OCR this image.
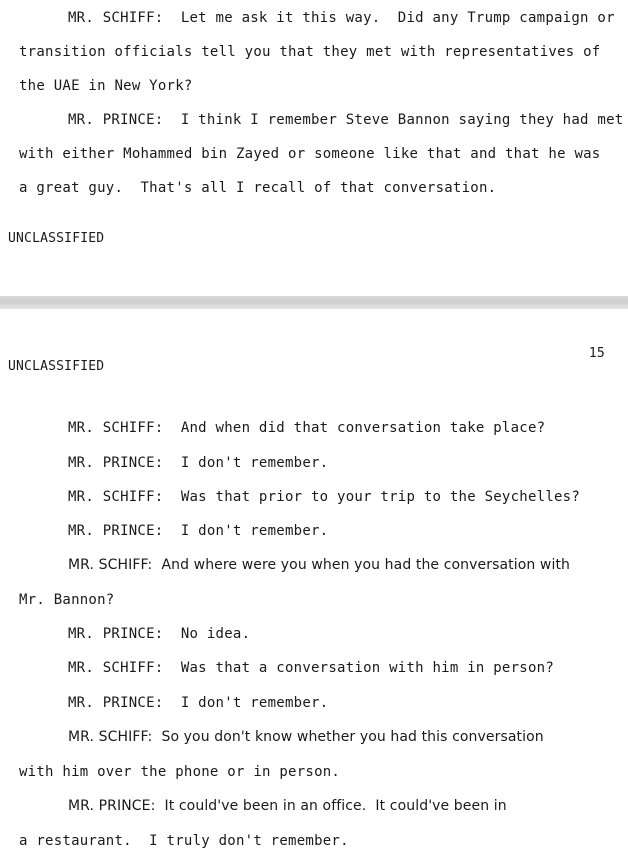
MR. SCHIFF:  Let me ask it this way.  Did any Trump campaign or
transition officials tell you that they met with representatives of
the UAE in New York?
MR. PRINCE:  I think I remember Steve Bannon saying they had met
with either Mohammed bin Zayed or someone like that and that he was
a great guy.  That's all I recall of that conversation.
UNCLASSIFIED
15
UNCLASSIFIED
MR. SCHIFF:  And when did that conversation take place?
MR. PRINCE:  I don't remember.
MR. SCHIFF:  Was that prior to your trip to the Seychelles?
MR. PRINCE:  I don't remember.
MR. SCHIFF:  And where were you when you had the conversation with
Mr. Bannon?
MR. PRINCE:  No idea.
MR. SCHIFF:  Was that a conversation with him in person?
MR. PRINCE:  I don't remember.
MR. SCHIFF:  So you don't know whether you had this conversation
with him over the phone or in person.
MR. PRINCE:  It could've been in an office.  It could've been in
a restaurant.  I truly don't remember.
